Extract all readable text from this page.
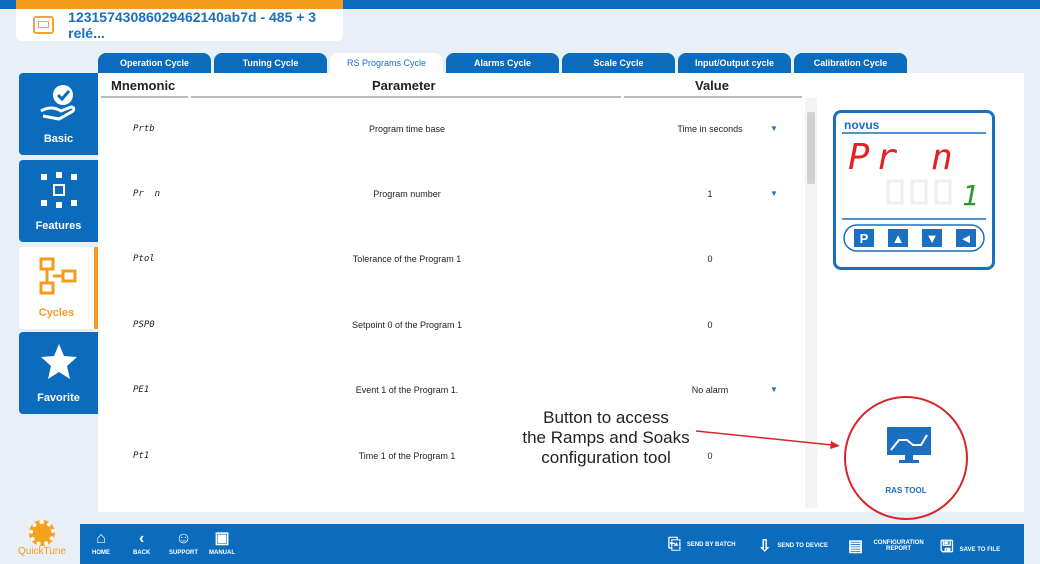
12315743086029462140ab7d - 485 + 3 relé...
Operation Cycle	Tuning Cycle	RS Programs Cycle	Alarms Cycle	Scale Cycle	Input/Output cycle	Calibration Cycle
Basic
Features
Cycles
Favorite
Mnemonic	Parameter	Value
Prtb	Program time base	Time in seconds	▼
Pr  n	Program number	1	▼
Ptol	Tolerance of the Program 1	0
PSP0	Setpoint 0 of the Program 1	0
PE1	Event 1 of the Program 1.	No alarm	▼
Pt1	Time 1 of the Program 1	0
novus
Pr n
1
P ▲ ▼ ◄
Button to access
the Ramps and Soaks
configuration tool
RAS TOOL
QuickTune
⌂
HOME
‹
BACK
☺
SUPPORT
▣
MANUAL	⎘ SEND BY BATCH ⇩ SEND TO DEVICE ▤	CONFIGURATION REPORT	🖫 SAVE TO FILE
